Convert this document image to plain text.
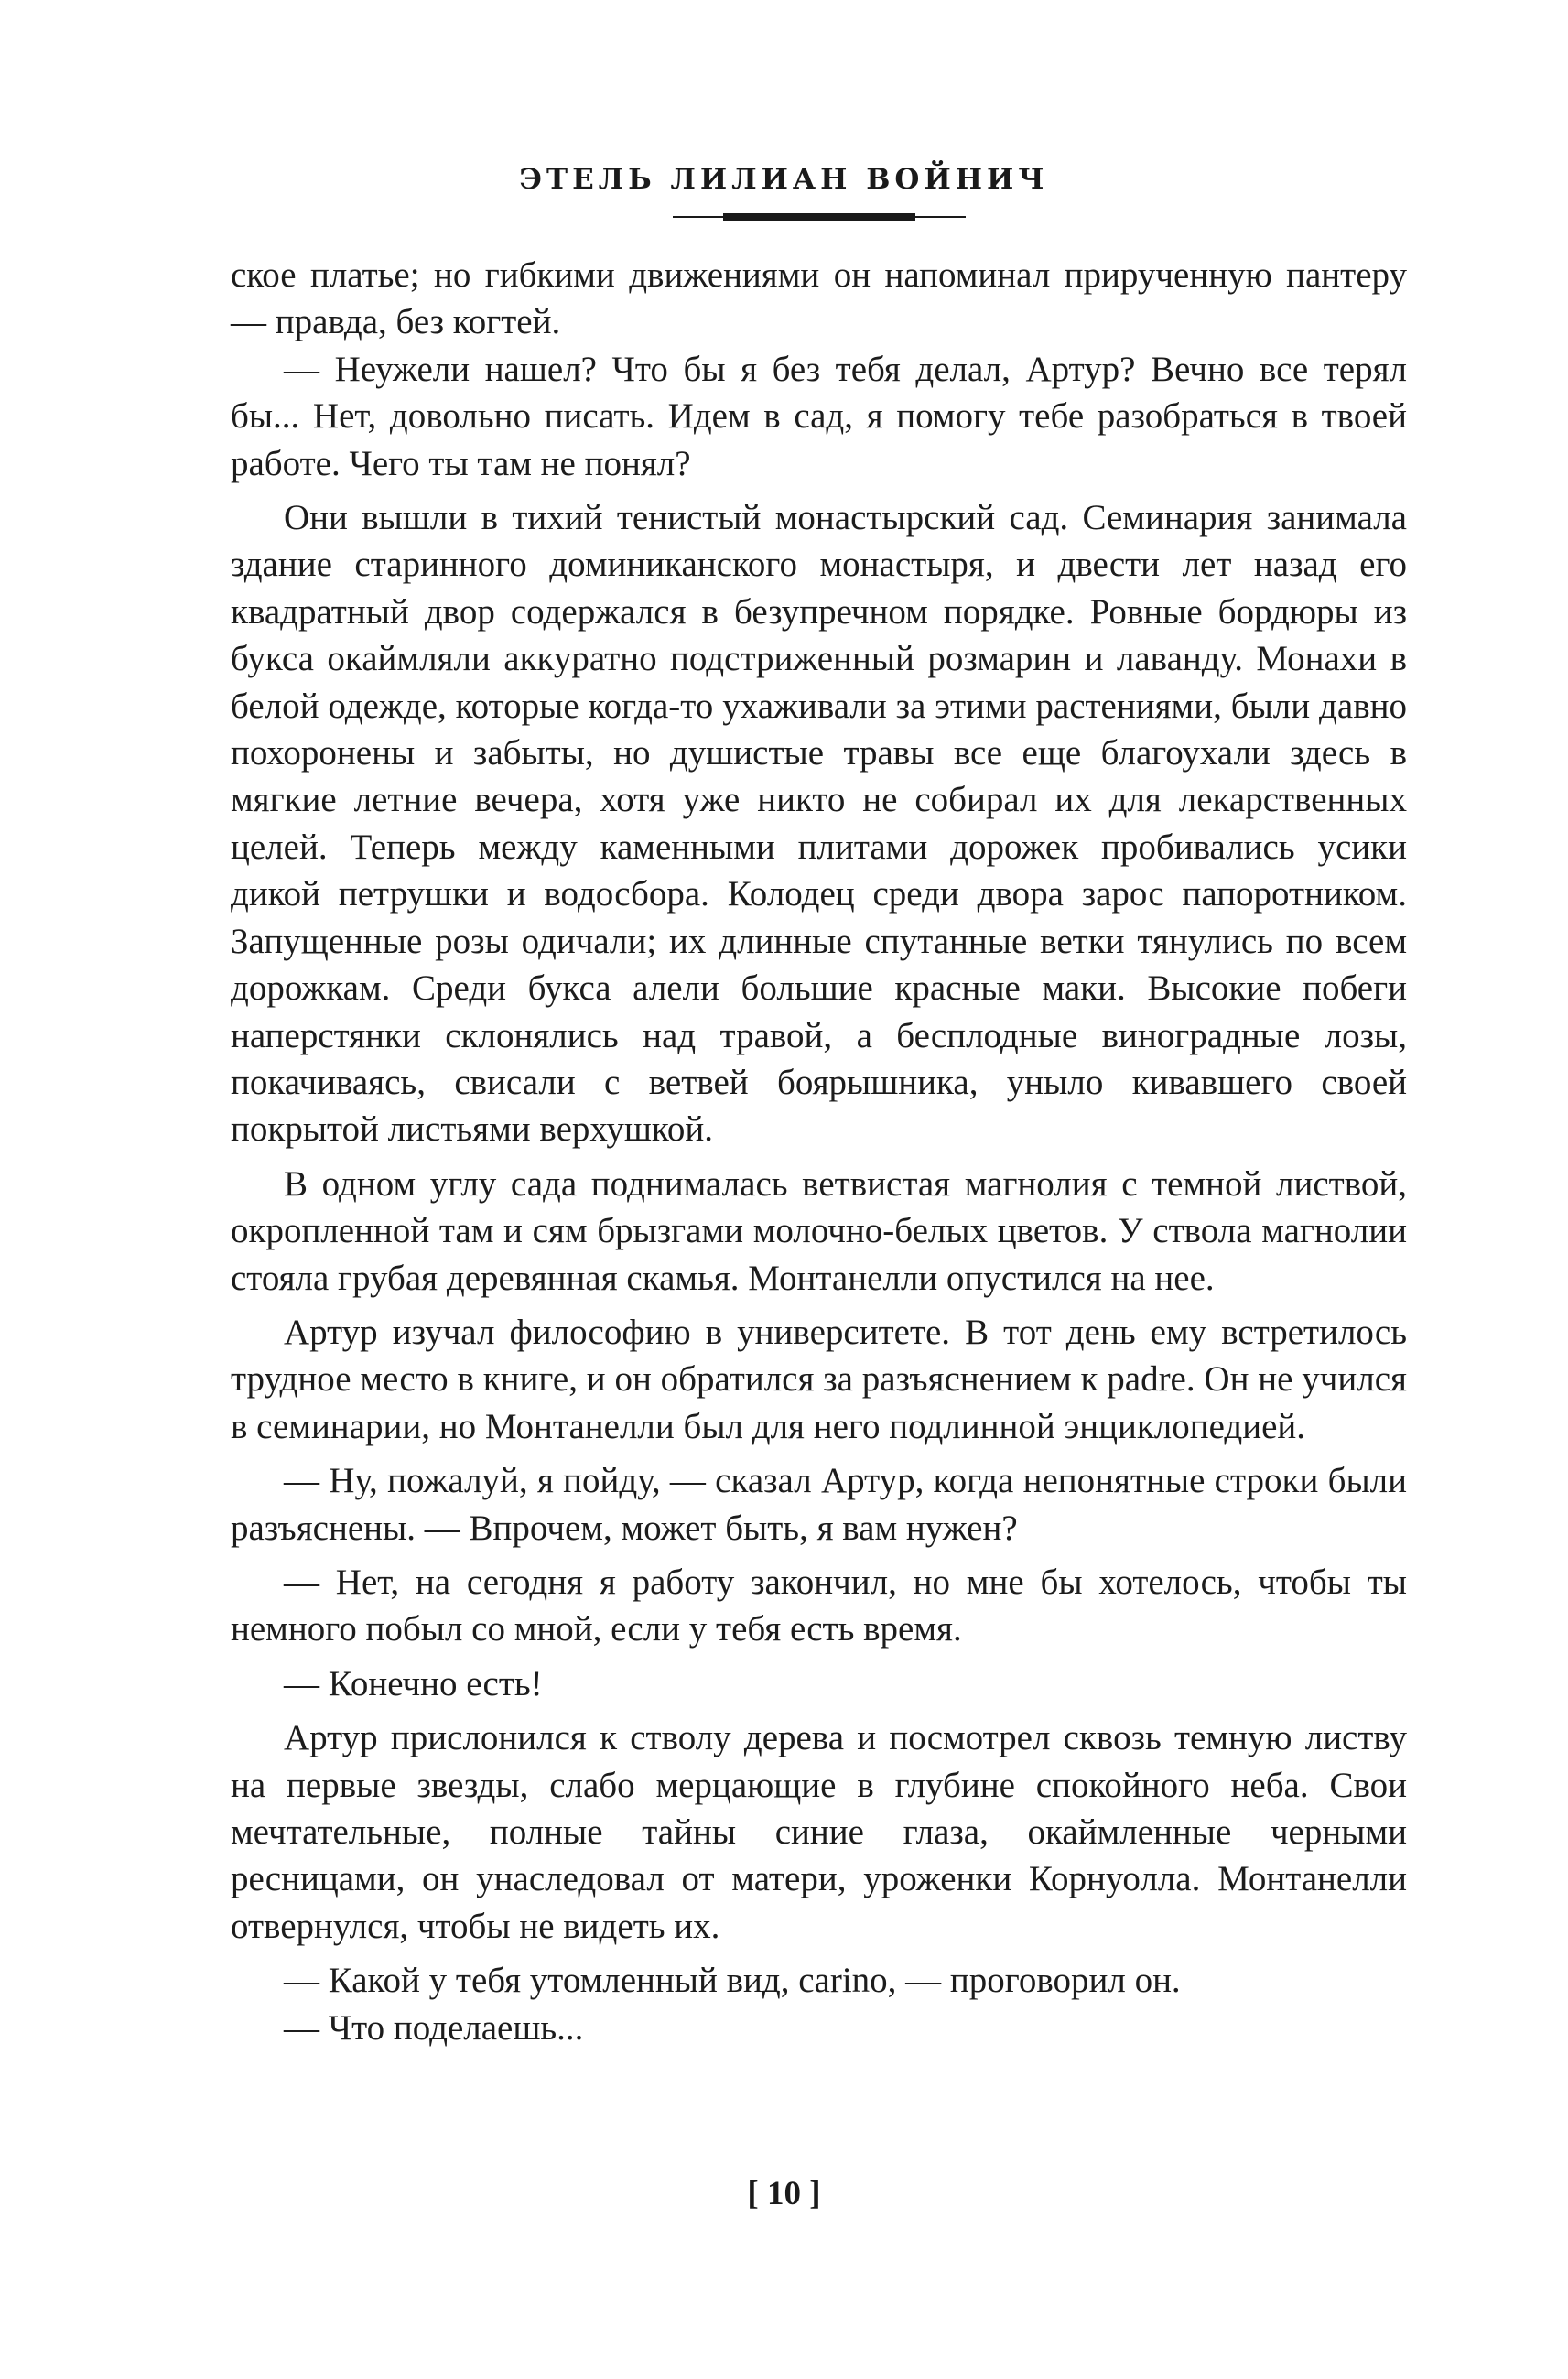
ЭТЕЛЬ ЛИЛИАН ВОЙНИЧ

ское платье; но гибкими движениями он напоминал прирученную пантеру — правда, без когтей.

— Неужели нашел? Что бы я без тебя делал, Артур? Вечно все терял бы... Нет, довольно писать. Идем в сад, я помогу тебе разобраться в твоей работе. Чего ты там не понял?

Они вышли в тихий тенистый монастырский сад. Семинария занимала здание старинного доминиканского монастыря, и двести лет назад его квадратный двор содержался в безупречном порядке. Ровные бордюры из букса окаймляли аккуратно подстриженный розмарин и лаванду. Монахи в белой одежде, которые когда-то ухаживали за этими растениями, были давно похоронены и забыты, но душистые травы все еще благоухали здесь в мягкие летние вечера, хотя уже никто не собирал их для лекарственных целей. Теперь между каменными плитами дорожек пробивались усики дикой петрушки и водосбора. Колодец среди двора зарос папоротником. Запущенные розы одичали; их длинные спутанные ветки тянулись по всем дорожкам. Среди букса алели большие красные маки. Высокие побеги наперстянки склонялись над травой, а бесплодные виноградные лозы, покачиваясь, свисали с ветвей боярышника, уныло кивавшего своей покрытой листьями верхушкой.

В одном углу сада поднималась ветвистая магнолия с темной листвой, окропленной там и сям брызгами молочно-белых цветов. У ствола магнолии стояла грубая деревянная скамья. Монтанелли опустился на нее.

Артур изучал философию в университете. В тот день ему встретилось трудное место в книге, и он обратился за разъяснением к padre. Он не учился в семинарии, но Монтанелли был для него подлинной энциклопедией.

— Ну, пожалуй, я пойду, — сказал Артур, когда непонятные строки были разъяснены. — Впрочем, может быть, я вам нужен?

— Нет, на сегодня я работу закончил, но мне бы хотелось, чтобы ты немного побыл со мной, если у тебя есть время.

— Конечно есть!

Артур прислонился к стволу дерева и посмотрел сквозь темную листву на первые звезды, слабо мерцающие в глубине спокойного неба. Свои мечтательные, полные тайны синие глаза, окаймленные черными ресницами, он унаследовал от матери, уроженки Корнуолла. Монтанелли отвернулся, чтобы не видеть их.

— Какой у тебя утомленный вид, carino, — проговорил он.

— Что поделаешь...

[ 10 ]
